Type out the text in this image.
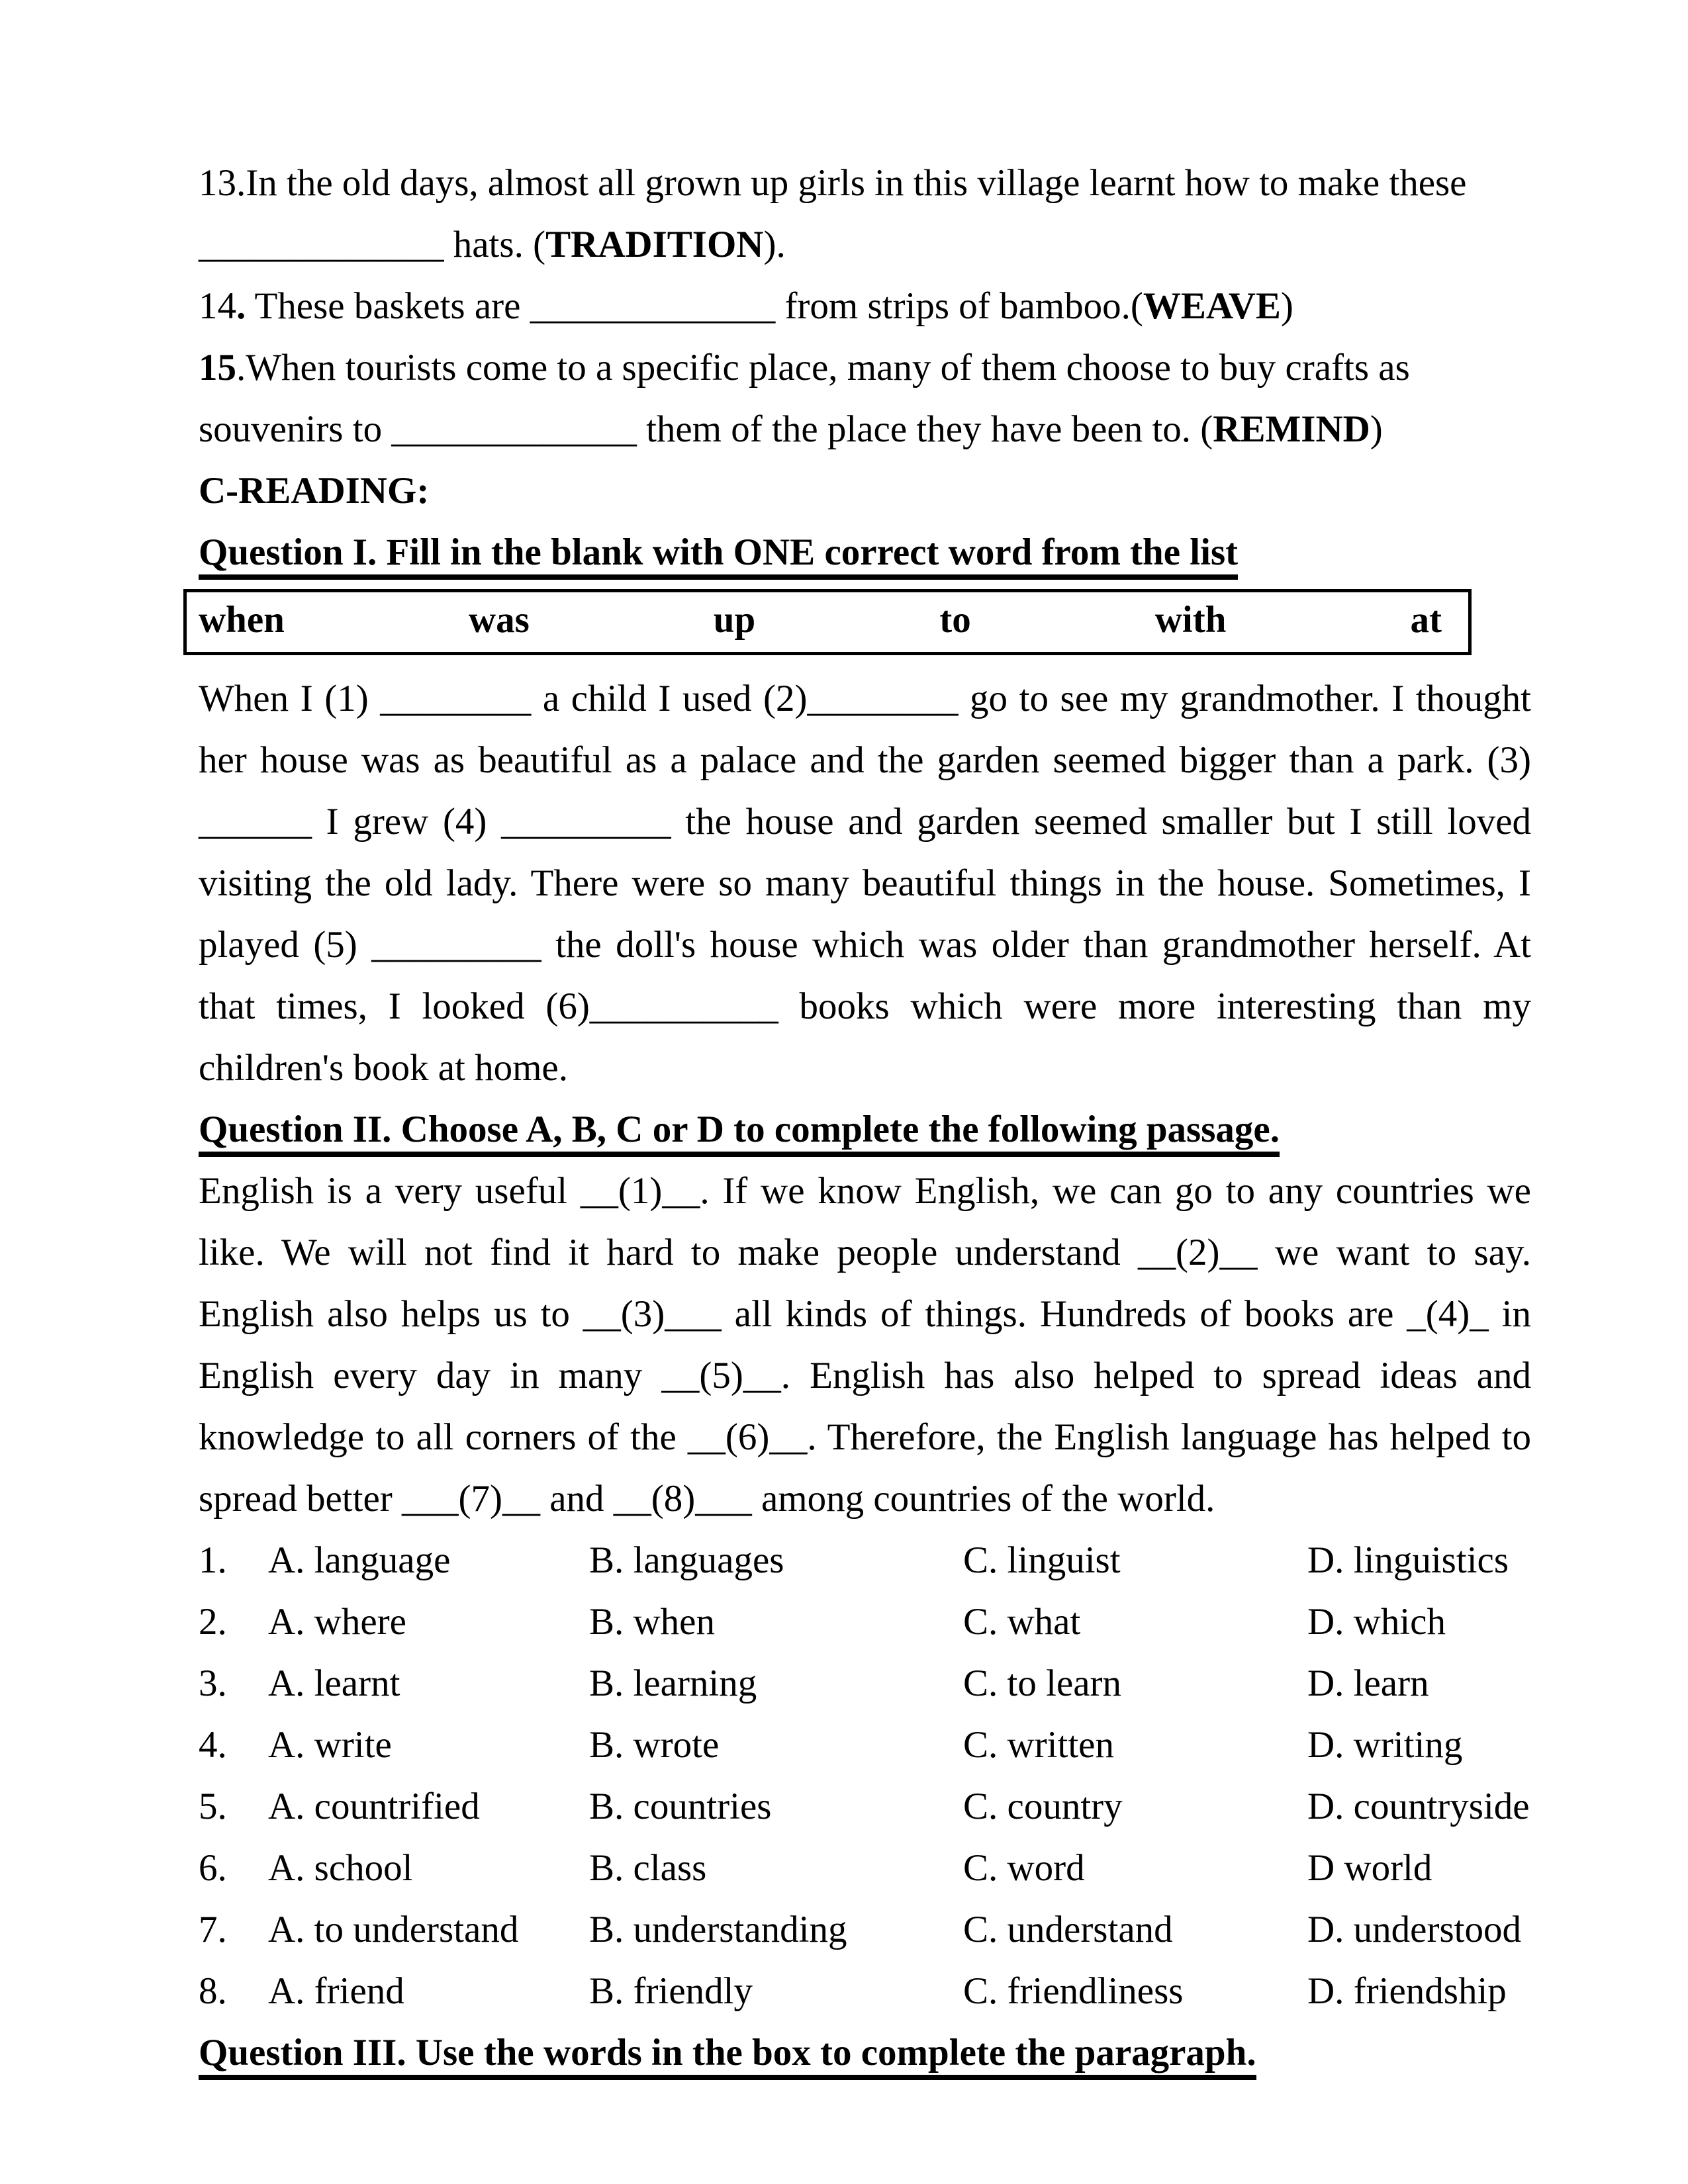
13.In the old days, almost all grown up girls in this village learnt how to make these _____________ hats. (TRADITION).

14. These baskets are _____________ from strips of bamboo.(WEAVE)

15.When tourists come to a specific place, many of them choose to buy crafts as souvenirs to _____________ them of the place they have been to. (REMIND)

C-READING:

Question I. Fill in the blank with ONE correct word from the list

when	was	up	to	with	at

When I (1) ________ a child I used (2)________ go to see my grandmother. I thought her house was as beautiful as a palace and the garden seemed bigger than a park. (3) ______ I grew (4) _________ the house and garden seemed smaller but I still loved visiting the old lady. There were so many beautiful things in the house. Sometimes, I played (5) _________ the doll's house which was older than grandmother herself. At that times, I looked (6)__________ books which were more interesting than my children's book at home.

Question II. Choose A, B, C or D to complete the following passage.

English is a very useful __(1)__. If we know English, we can go to any countries we like. We will not find it hard to make people understand __(2)__ we want to say. English also helps us to __(3)___ all kinds of things. Hundreds of books are _(4)_ in English every day in many __(5)__. English has also helped to spread ideas and knowledge to all corners of the __(6)__. Therefore, the English language has helped to spread better ___(7)__ and __(8)___ among countries of the world.

1.	A. language	B. languages	C. linguist	D. linguistics
2.	A. where	B. when	C. what	D. which
3.	A. learnt	B. learning	C. to learn	D. learn
4.	A. write	B. wrote	C. written	D. writing
5.	A. countrified	B. countries	C. country	D. countryside
6.	A. school	B. class	C. word	D world
7.	A. to understand	B. understanding	C. understand	D. understood
8.	A. friend	B. friendly	C. friendliness	D. friendship

Question III. Use the words in the box to complete the paragraph.
